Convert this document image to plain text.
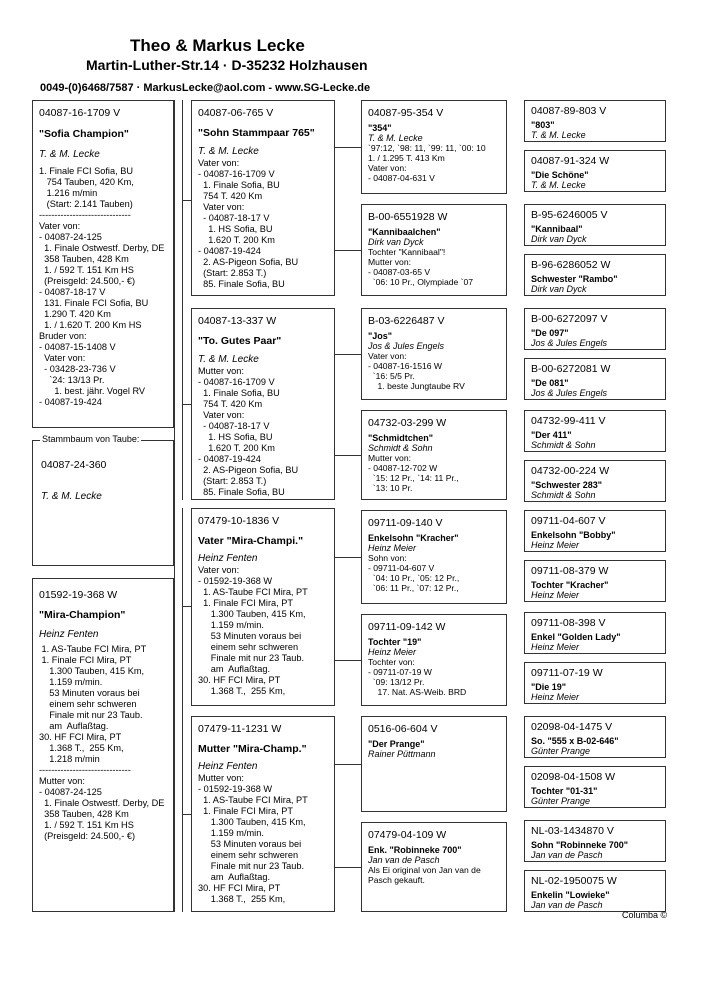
Theo & Markus Lecke
Martin-Luther-Str.14 · D-35232 Holzhausen
0049-(0)6468/7587 · MarkusLecke@aol.com - www.SG-Lecke.de
04087-16-1709 V
"Sofia Champion"
T. & M. Lecke
1. Finale FCI Sofia, BU
754 Tauben, 420 Km,
1.216 m/min
(Start: 2.141 Tauben)
------------------------------
Vater von:
- 04087-24-125
1. Finale Ostwestf. Derby, DE
358 Tauben, 428 Km
1. / 592 T. 151 Km HS
(Preisgeld: 24.500,- €)
- 04087-18-17 V
131. Finale FCI Sofia, BU
1.290 T. 420 Km
1. / 1.620 T. 200 Km HS
Bruder von:
- 04087-15-1408 V
Vater von:
- 03428-23-736 V
`24: 13/13 Pr.
1. best. jähr. Vogel RV
- 04087-19-424
04087-24-360
T. & M. Lecke
Stammbaum von Taube:
01592-19-368 W
"Mira-Champion"
Heinz Fenten
1. AS-Taube FCI Mira, PT
1. Finale FCI Mira, PT
1.300 Tauben, 415 Km,
1.159 m/min.
53 Minuten voraus bei
einem sehr schweren
Finale mit nur 23 Taub.
am  Auflaßtag.
30. HF FCI Mira, PT
1.368 T.,  255 Km,
1.218 m/min
------------------------------
Mutter von:
- 04087-24-125
1. Finale Ostwestf. Derby, DE
358 Tauben, 428 Km
1. / 592 T. 151 Km HS
(Preisgeld: 24.500,- €)
04087-06-765 V
"Sohn Stammpaar 765"
T. & M. Lecke
Vater von:
- 04087-16-1709 V
1. Finale Sofia, BU
754 T. 420 Km
Vater von:
- 04087-18-17 V
1. HS Sofia, BU
1.620 T. 200 Km
- 04087-19-424
2. AS-Pigeon Sofia, BU
(Start: 2.853 T.)
85. Finale Sofia, BU
04087-13-337 W
"To. Gutes Paar"
T. & M. Lecke
Mutter von:
- 04087-16-1709 V
1. Finale Sofia, BU
754 T. 420 Km
Vater von:
- 04087-18-17 V
1. HS Sofia, BU
1.620 T. 200 Km
- 04087-19-424
2. AS-Pigeon Sofia, BU
(Start: 2.853 T.)
85. Finale Sofia, BU
07479-10-1836 V
Vater "Mira-Champi."
Heinz Fenten
Vater von:
- 01592-19-368 W
1. AS-Taube FCI Mira, PT
1. Finale FCI Mira, PT
1.300 Tauben, 415 Km,
1.159 m/min.
53 Minuten voraus bei
einem sehr schweren
Finale mit nur 23 Taub.
am  Auflaßtag.
30. HF FCI Mira, PT
1.368 T.,  255 Km,
07479-11-1231 W
Mutter "Mira-Champ."
Heinz Fenten
Mutter von:
- 01592-19-368 W
1. AS-Taube FCI Mira, PT
1. Finale FCI Mira, PT
1.300 Tauben, 415 Km,
1.159 m/min.
53 Minuten voraus bei
einem sehr schweren
Finale mit nur 23 Taub.
am  Auflaßtag.
30. HF FCI Mira, PT
1.368 T.,  255 Km,
04087-95-354 V
"354"
T. & M. Lecke
`97:12, `98: 11, `99: 11, `00: 10
1. / 1.295 T. 413 Km
Vater von:
- 04087-04-631 V
B-00-6551928 W
"Kannibaalchen"
Dirk van Dyck
Tochter "Kannibaal"!
Mutter von:
- 04087-03-65 V
`06: 10 Pr., Olympiade `07
B-03-6226487 V
"Jos"
Jos & Jules Engels
Vater von:
- 04087-16-1516 W
`16: 5/5 Pr.
1. beste Jungtaube RV
04732-03-299 W
"Schmidtchen"
Schmidt & Sohn
Mutter von:
- 04087-12-702 W
`15: 12 Pr., `14: 11 Pr.,
`13: 10 Pr.
09711-09-140 V
Enkelsohn "Kracher"
Heinz Meier
Sohn von:
- 09711-04-607 V
`04: 10 Pr., `05: 12 Pr.,
`06: 11 Pr., `07: 12 Pr.,
09711-09-142 W
Tochter "19"
Heinz Meier
Tochter von:
- 09711-07-19 W
`09: 13/12 Pr.
17. Nat. AS-Weib. BRD
0516-06-604 V
"Der Prange"
Rainer Püttmann
07479-04-109 W
Enk. "Robinneke 700"
Jan van de Pasch
Als Ei original von Jan van de
Pasch gekauft.
04087-89-803 V
"803"
T. & M. Lecke
04087-91-324 W
"Die Schöne"
T. & M. Lecke
B-95-6246005 V
"Kannibaal"
Dirk van Dyck
B-96-6286052 W
Schwester "Rambo"
Dirk van Dyck
B-00-6272097 V
"De 097"
Jos & Jules Engels
B-00-6272081 W
"De 081"
Jos & Jules Engels
04732-99-411 V
"Der 411"
Schmidt & Sohn
04732-00-224 W
"Schwester 283"
Schmidt & Sohn
09711-04-607 V
Enkelsohn "Bobby"
Heinz Meier
09711-08-379 W
Tochter "Kracher"
Heinz Meier
09711-08-398 V
Enkel "Golden Lady"
Heinz Meier
09711-07-19 W
"Die 19"
Heinz Meier
02098-04-1475 V
So. "555 x B-02-646"
Günter Prange
02098-04-1508 W
Tochter "01-31"
Günter Prange
NL-03-1434870 V
Sohn "Robinneke 700"
Jan van de Pasch
NL-02-1950075 W
Enkelin "Lowieke"
Jan van de Pasch
Columba ©
